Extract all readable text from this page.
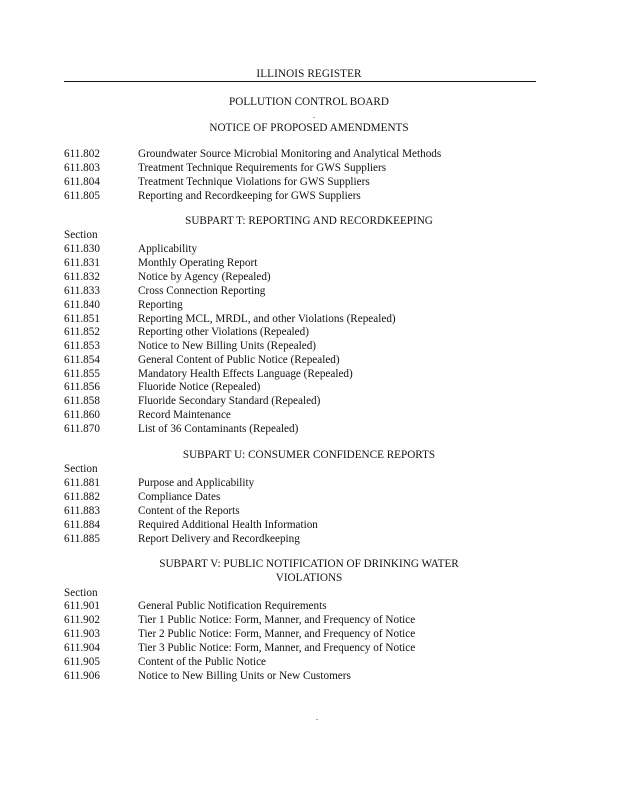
ILLINOIS REGISTER
POLLUTION CONTROL BOARD
.
NOTICE OF PROPOSED AMENDMENTS
611.802	Groundwater Source Microbial Monitoring and Analytical Methods
611.803	Treatment Technique Requirements for GWS Suppliers
611.804	Treatment Technique Violations for GWS Suppliers
611.805	Reporting and Recordkeeping for GWS Suppliers
SUBPART T: REPORTING AND RECORDKEEPING
Section
611.830	Applicability
611.831	Monthly Operating Report
611.832	Notice by Agency (Repealed)
611.833	Cross Connection Reporting
611.840	Reporting
611.851	Reporting MCL, MRDL, and other Violations (Repealed)
611.852	Reporting other Violations (Repealed)
611.853	Notice to New Billing Units (Repealed)
611.854	General Content of Public Notice (Repealed)
611.855	Mandatory Health Effects Language (Repealed)
611.856	Fluoride Notice (Repealed)
611.858	Fluoride Secondary Standard (Repealed)
611.860	Record Maintenance
611.870	List of 36 Contaminants (Repealed)
SUBPART U: CONSUMER CONFIDENCE REPORTS
Section
611.881	Purpose and Applicability
611.882	Compliance Dates
611.883	Content of the Reports
611.884	Required Additional Health Information
611.885	Report Delivery and Recordkeeping
SUBPART V: PUBLIC NOTIFICATION OF DRINKING WATER
VIOLATIONS
Section
611.901	General Public Notification Requirements
611.902	Tier 1 Public Notice: Form, Manner, and Frequency of Notice
611.903	Tier 2 Public Notice: Form, Manner, and Frequency of Notice
611.904	Tier 3 Public Notice: Form, Manner, and Frequency of Notice
611.905	Content of the Public Notice
611.906	Notice to New Billing Units or New Customers
.
